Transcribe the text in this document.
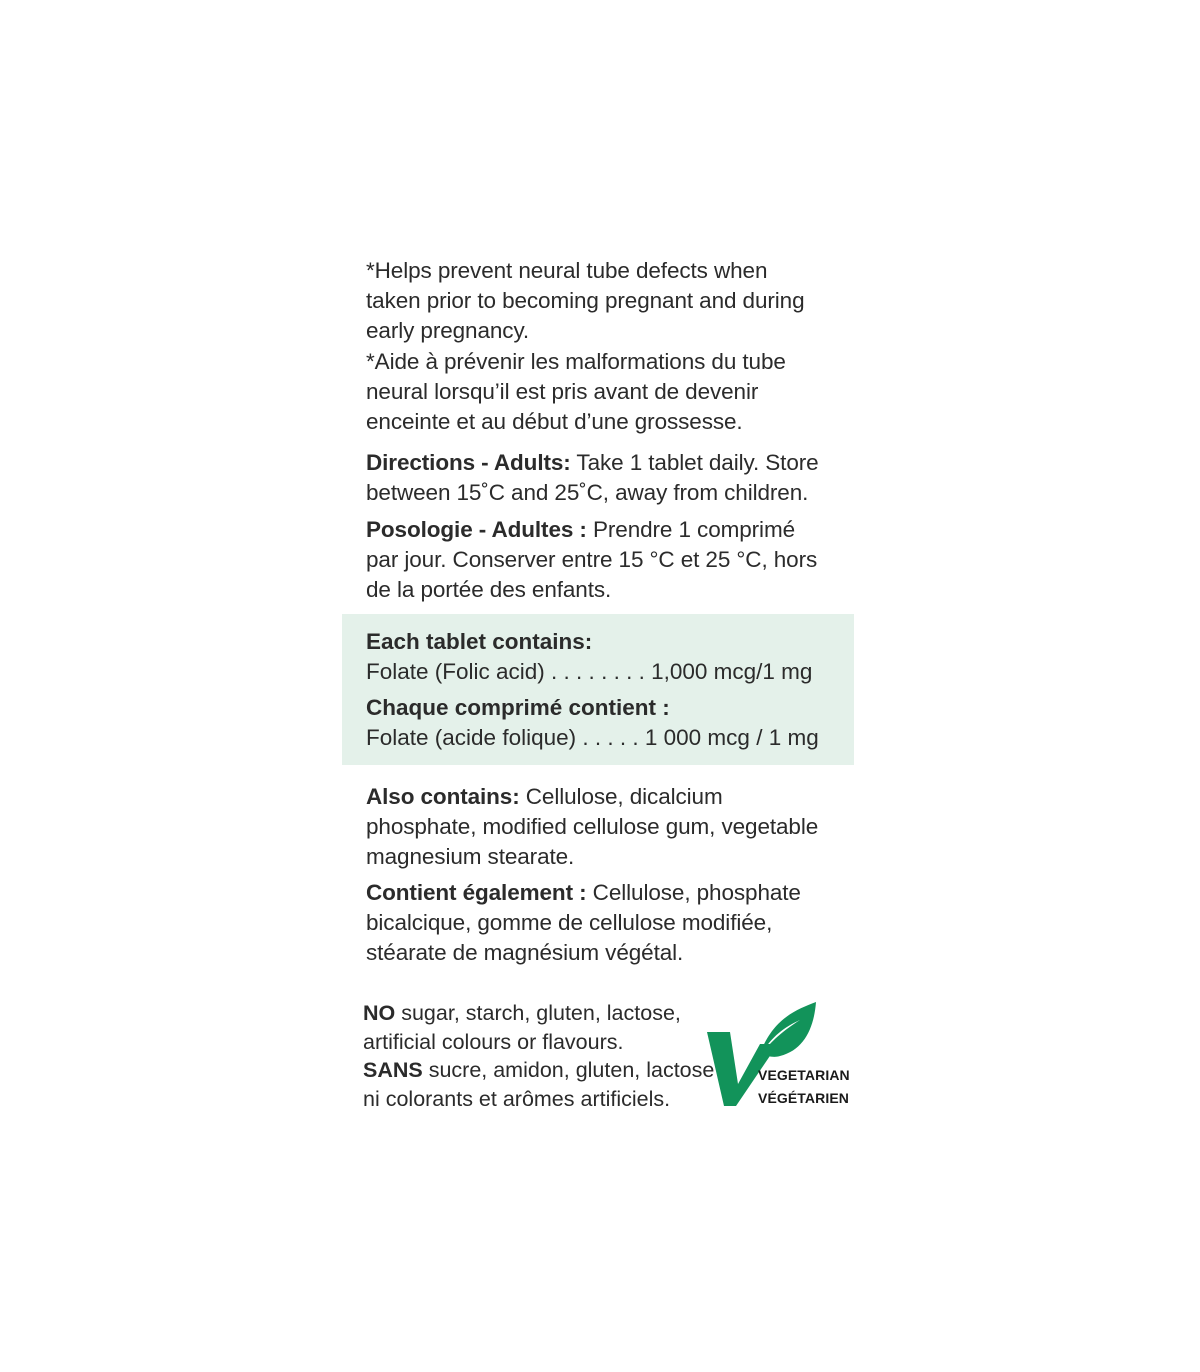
*Helps prevent neural tube defects when
taken prior to becoming pregnant and during
early pregnancy.
*Aide à prévenir les malformations du tube
neural lorsqu’il est pris avant de devenir
enceinte et au début d’une grossesse.
Directions - Adults: Take 1 tablet daily. Store
between 15˚C and 25˚C, away from children.
Posologie - Adultes : Prendre 1 comprimé
par jour. Conserver entre 15 °C et 25 °C, hors
de la portée des enfants.
Each tablet contains:
Folate (Folic acid) . . . . . . . . 1,000 mcg/1 mg
Chaque comprimé contient :
Folate (acide folique) . . . . . 1 000 mcg / 1 mg
Also contains: Cellulose, dicalcium
phosphate, modified cellulose gum, vegetable
magnesium stearate.
Contient également : Cellulose, phosphate
bicalcique, gomme de cellulose modifiée,
stéarate de magnésium végétal.
NO sugar, starch, gluten, lactose,
artificial colours or flavours.
SANS sucre, amidon, gluten, lactose
ni colorants et arômes artificiels.
VEGETARIAN
VÉGÉTARIEN
